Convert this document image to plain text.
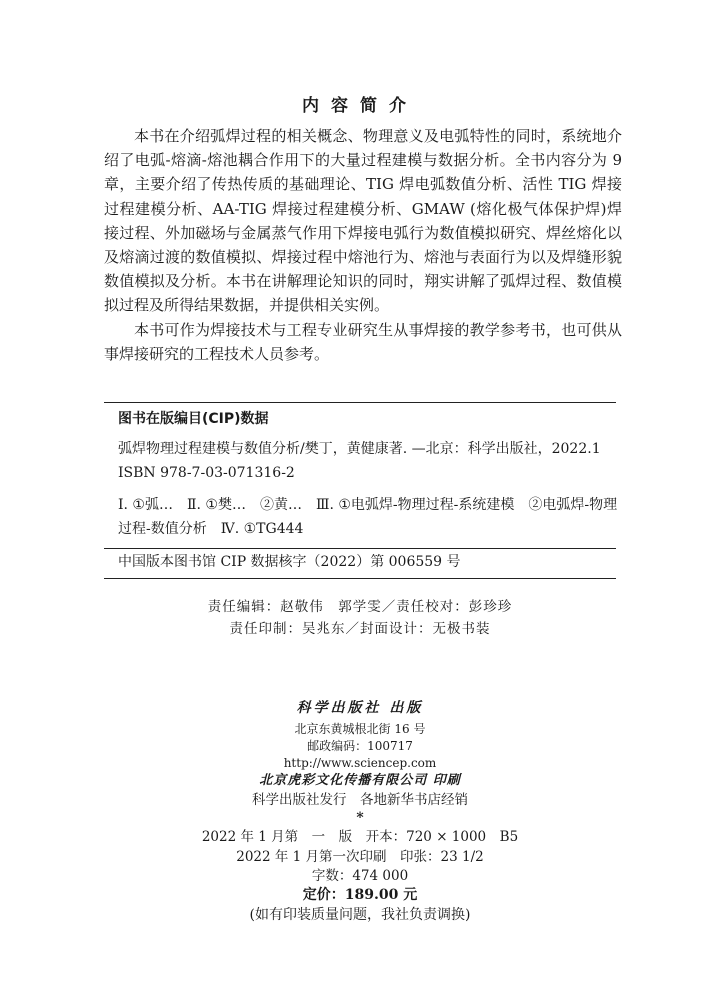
内容简介

本书在介绍弧焊过程的相关概念、物理意义及电弧特性的同时，系统地介绍了电弧-熔滴-熔池耦合作用下的大量过程建模与数据分析。全书内容分为 9 章，主要介绍了传热传质的基础理论、TIG 焊电弧数值分析、活性 TIG 焊接过程建模分析、AA-TIG 焊接过程建模分析、GMAW (熔化极气体保护焊)焊接过程、外加磁场与金属蒸气作用下焊接电弧行为数值模拟研究、焊丝熔化以及熔滴过渡的数值模拟、焊接过程中熔池行为、熔池与表面行为以及焊缝形貌数值模拟及分析。本书在讲解理论知识的同时，翔实讲解了弧焊过程、数值模拟过程及所得结果数据，并提供相关实例。

本书可作为焊接技术与工程专业研究生从事焊接的教学参考书，也可供从事焊接研究的工程技术人员参考。

图书在版编目(CIP)数据
弧焊物理过程建模与数值分析/樊丁，黄健康著. —北京：科学出版社，2022.1
ISBN 978-7-03-071316-2
Ⅰ. ①弧…　Ⅱ. ①樊…　②黄…　Ⅲ. ①电弧焊-物理过程-系统建模　②电弧焊-物理过程-数值分析　Ⅳ. ①TG444
中国版本图书馆 CIP 数据核字（2022）第 006559 号
责任编辑：赵敬伟　郭学雯／责任校对：彭珍珍
责任印制：吴兆东／封面设计：无极书装
科学出版社 出版
北京东黄城根北街 16 号
邮政编码：100717
http://www.sciencep.com
北京虎彩文化传播有限公司 印刷
科学出版社发行　各地新华书店经销
*
2022 年 1 月第　一　版　开本：720 × 1000　B5
2022 年 1 月第一次印刷　印张：23 1/2
字数：474 000
定价：189.00 元
(如有印装质量问题，我社负责调换)
